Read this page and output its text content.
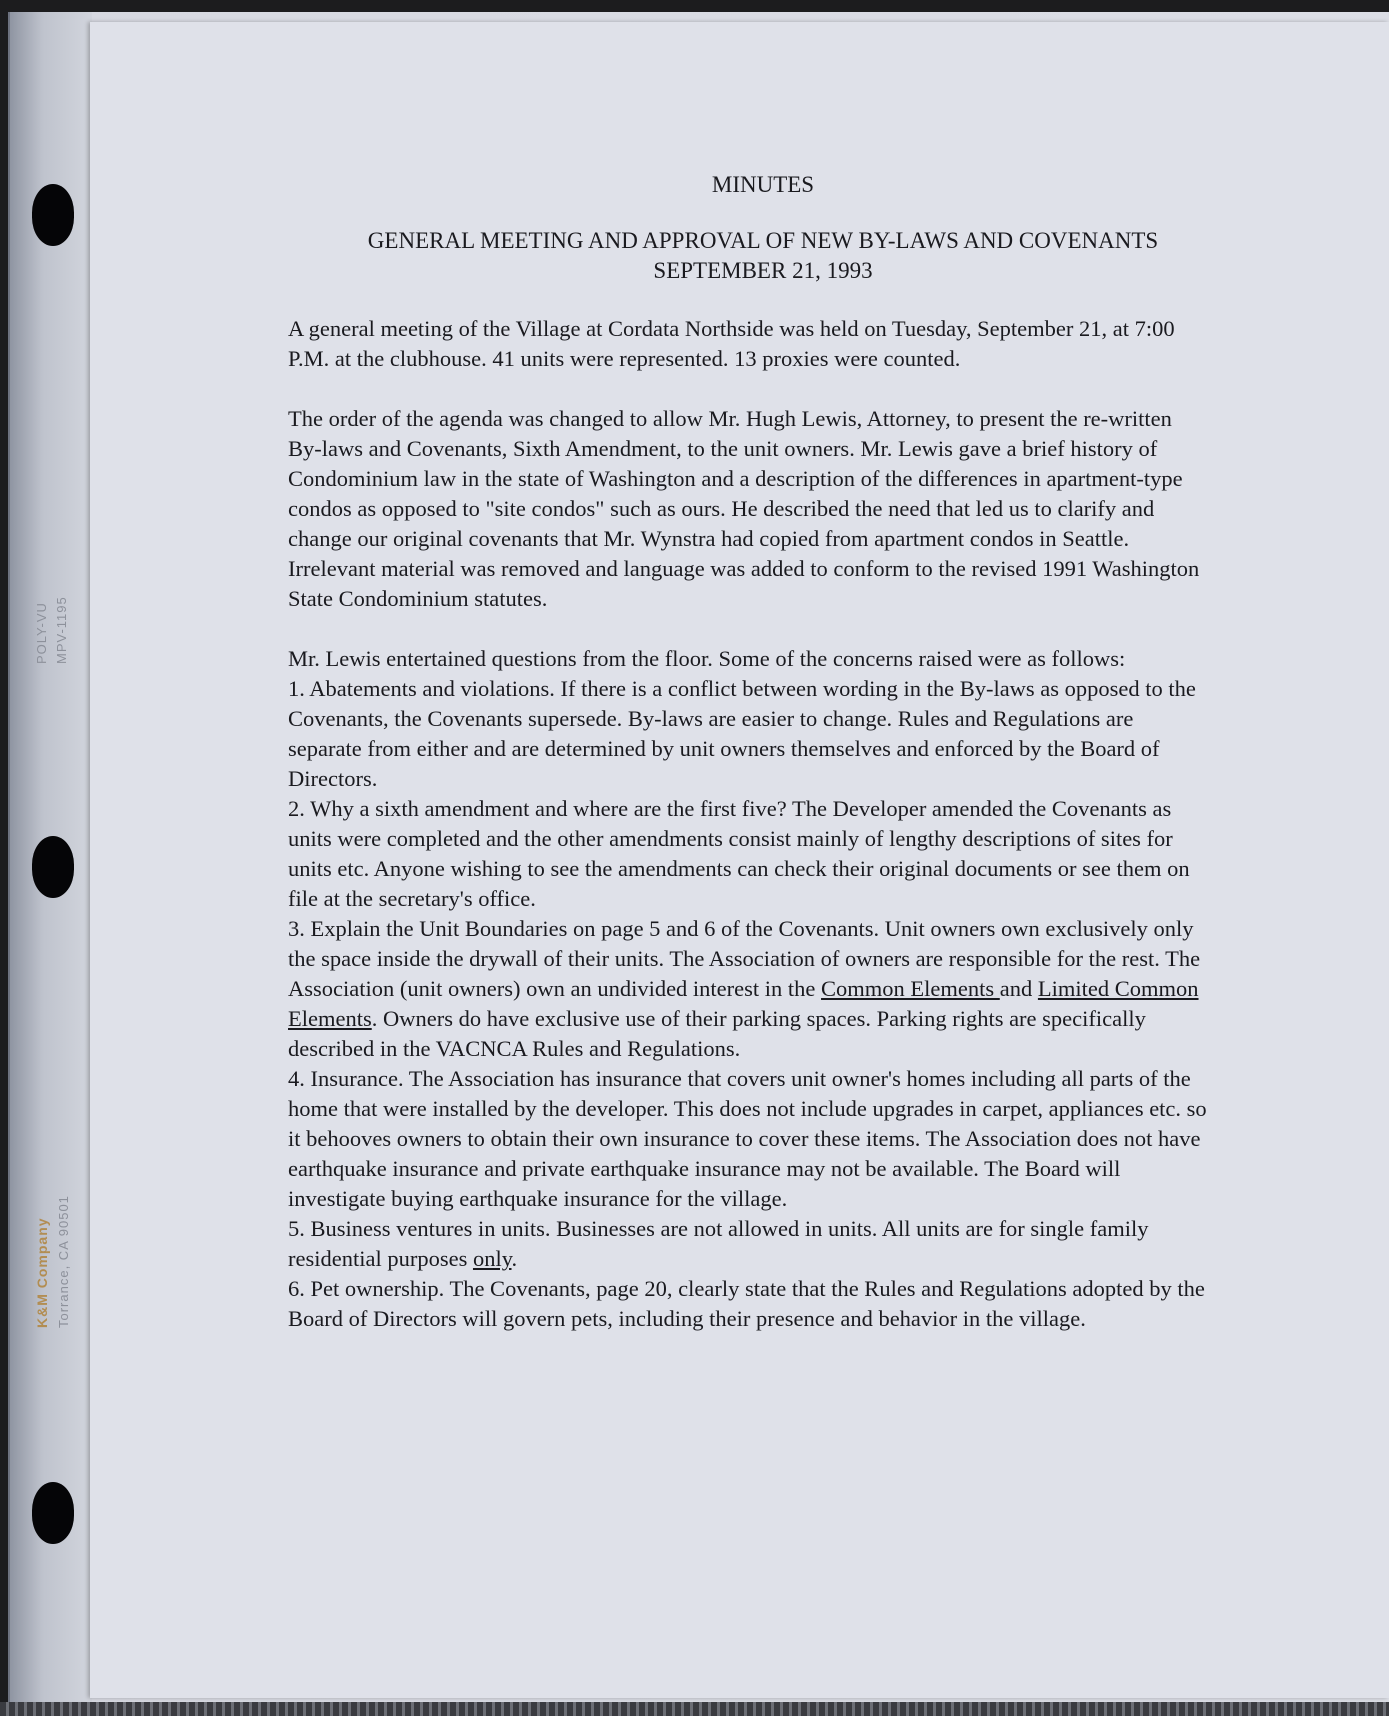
POLY-VU MPV-1195
K&M Company Torrance, CA 90501
MINUTES
GENERAL MEETING AND APPROVAL OF NEW BY-LAWS AND COVENANTS
SEPTEMBER 21, 1993

A general meeting of the Village at Cordata Northside was held on Tuesday, September 21, at 7:00 P.M. at the clubhouse. 41 units were represented. 13 proxies were counted.

The order of the agenda was changed to allow Mr. Hugh Lewis, Attorney, to present the re-written By-laws and Covenants, Sixth Amendment, to the unit owners. Mr. Lewis gave a brief history of Condominium law in the state of Washington and a description of the differences in apartment-type condos as opposed to "site condos" such as ours. He described the need that led us to clarify and change our original covenants that Mr. Wynstra had copied from apartment condos in Seattle. Irrelevant material was removed and language was added to conform to the revised 1991 Washington State Condominium statutes.

Mr. Lewis entertained questions from the floor. Some of the concerns raised were as follows:
1. Abatements and violations. If there is a conflict between wording in the By-laws as opposed to the Covenants, the Covenants supersede. By-laws are easier to change. Rules and Regulations are separate from either and are determined by unit owners themselves and enforced by the Board of Directors.
2. Why a sixth amendment and where are the first five? The Developer amended the Covenants as units were completed and the other amendments consist mainly of lengthy descriptions of sites for units etc. Anyone wishing to see the amendments can check their original documents or see them on file at the secretary's office.
3. Explain the Unit Boundaries on page 5 and 6 of the Covenants. Unit owners own exclusively only the space inside the drywall of their units. The Association of owners are responsible for the rest. The Association (unit owners) own an undivided interest in the Common Elements and Limited Common Elements. Owners do have exclusive use of their parking spaces. Parking rights are specifically described in the VACNCA Rules and Regulations.
4. Insurance. The Association has insurance that covers unit owner's homes including all parts of the home that were installed by the developer. This does not include upgrades in carpet, appliances etc. so it behooves owners to obtain their own insurance to cover these items. The Association does not have earthquake insurance and private earthquake insurance may not be available. The Board will investigate buying earthquake insurance for the village.
5. Business ventures in units. Businesses are not allowed in units. All units are for single family residential purposes only.
6. Pet ownership. The Covenants, page 20, clearly state that the Rules and Regulations adopted by the Board of Directors will govern pets, including their presence and behavior in the village.
